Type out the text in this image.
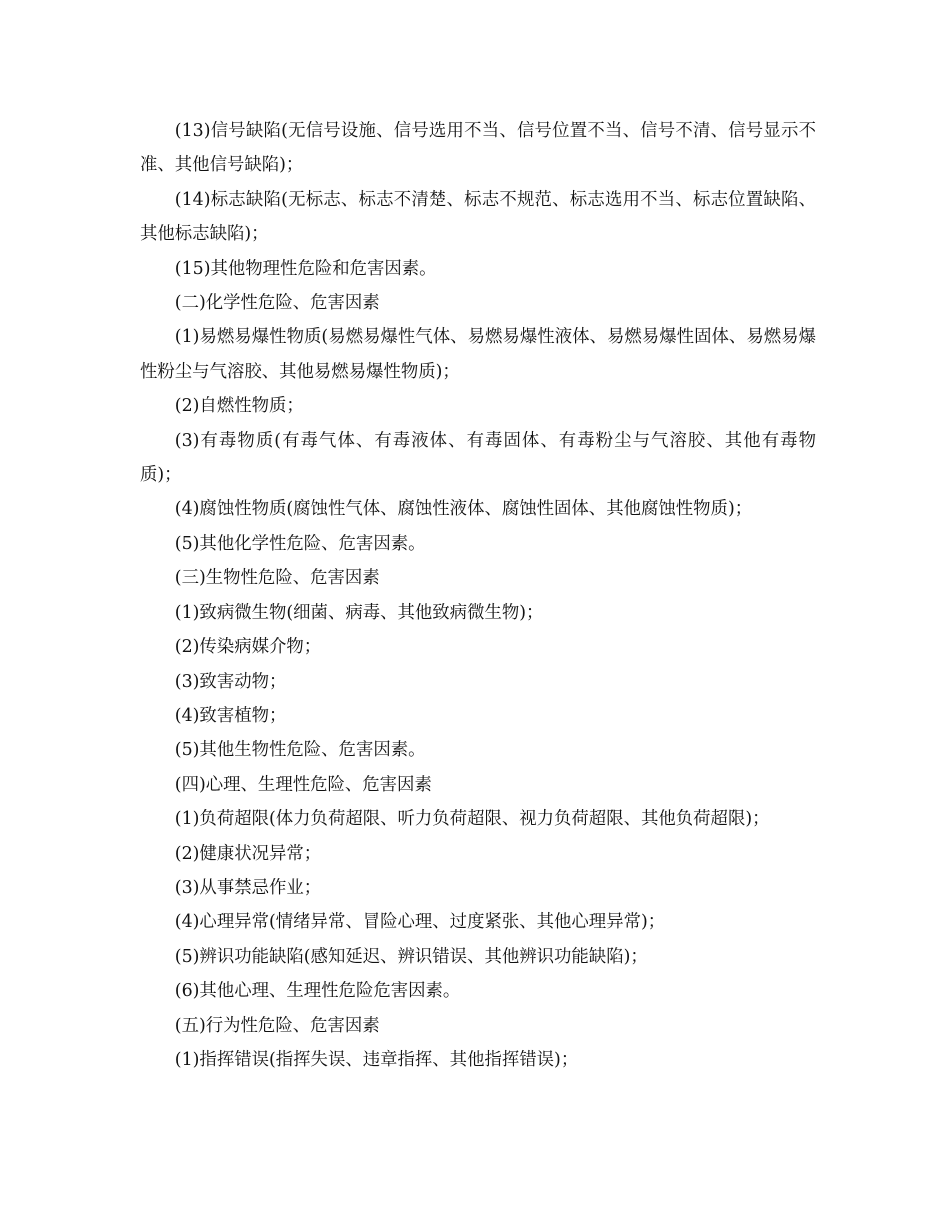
(13)信号缺陷(无信号设施、信号选用不当、信号位置不当、信号不清、信号显示不准、其他信号缺陷)；

(14)标志缺陷(无标志、标志不清楚、标志不规范、标志选用不当、标志位置缺陷、其他标志缺陷)；

(15)其他物理性危险和危害因素。

(二)化学性危险、危害因素

(1)易燃易爆性物质(易燃易爆性气体、易燃易爆性液体、易燃易爆性固体、易燃易爆性粉尘与气溶胶、其他易燃易爆性物质)；

(2)自燃性物质；

(3)有毒物质(有毒气体、有毒液体、有毒固体、有毒粉尘与气溶胶、其他有毒物质)；

(4)腐蚀性物质(腐蚀性气体、腐蚀性液体、腐蚀性固体、其他腐蚀性物质)；

(5)其他化学性危险、危害因素。

(三)生物性危险、危害因素

(1)致病微生物(细菌、病毒、其他致病微生物)；

(2)传染病媒介物；

(3)致害动物；

(4)致害植物；

(5)其他生物性危险、危害因素。

(四)心理、生理性危险、危害因素

(1)负荷超限(体力负荷超限、听力负荷超限、视力负荷超限、其他负荷超限)；

(2)健康状况异常；

(3)从事禁忌作业；

(4)心理异常(情绪异常、冒险心理、过度紧张、其他心理异常)；

(5)辨识功能缺陷(感知延迟、辨识错误、其他辨识功能缺陷)；

(6)其他心理、生理性危险危害因素。

(五)行为性危险、危害因素

(1)指挥错误(指挥失误、违章指挥、其他指挥错误)；
